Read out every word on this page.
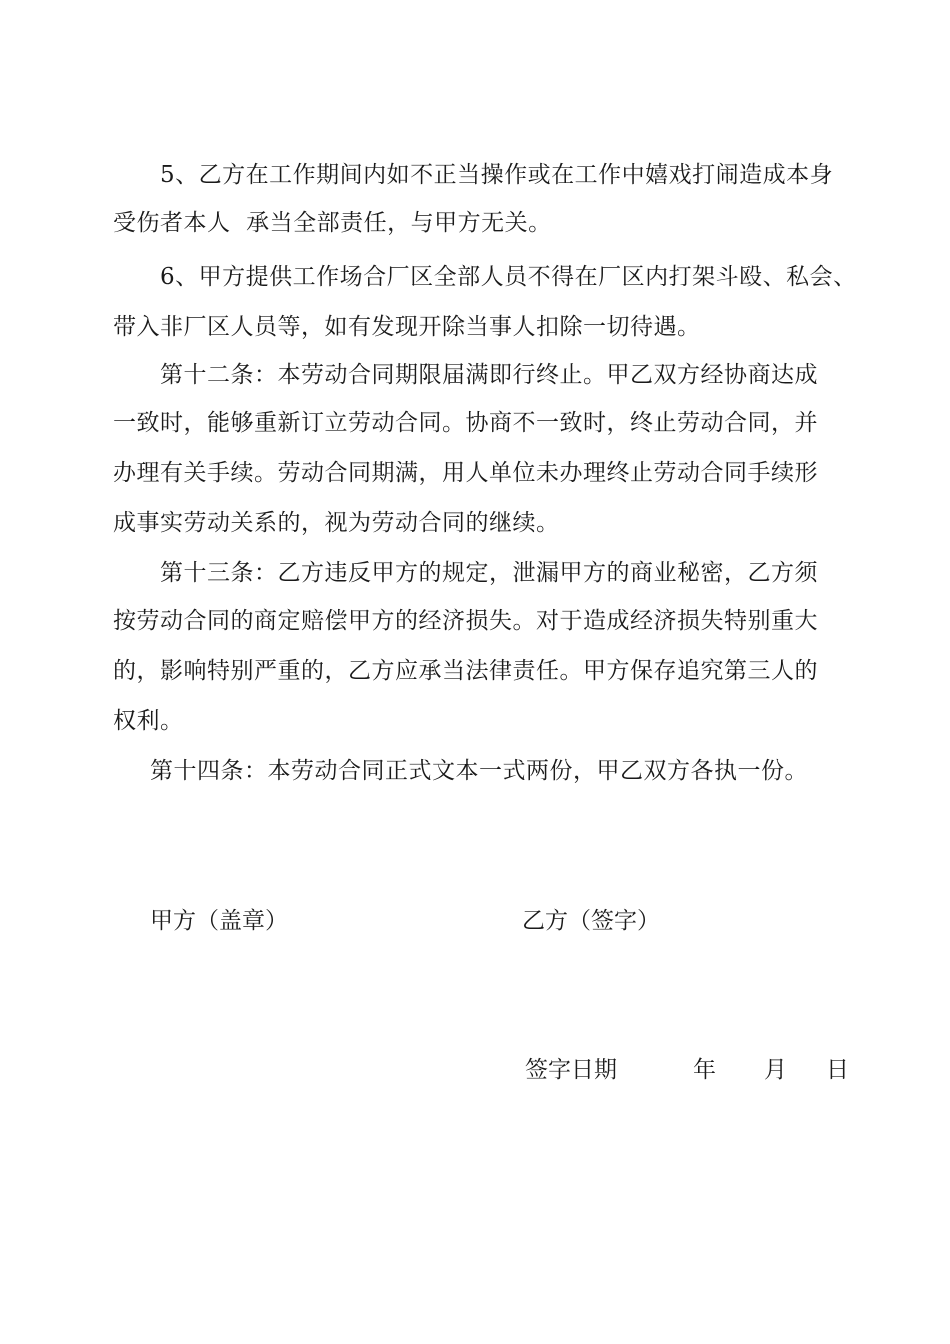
5、乙方在工作期间内如不正当操作或在工作中嬉戏打闹造成本身
受伤者本人  承当全部责任，与甲方无关。
6、甲方提供工作场合厂区全部人员不得在厂区内打架斗殴、私会、
带入非厂区人员等，如有发现开除当事人扣除一切待遇。
第十二条：本劳动合同期限届满即行终止。甲乙双方经协商达成
一致时，能够重新订立劳动合同。协商不一致时，终止劳动合同，并
办理有关手续。劳动合同期满，用人单位未办理终止劳动合同手续形
成事实劳动关系的，视为劳动合同的继续。
第十三条：乙方违反甲方的规定，泄漏甲方的商业秘密，乙方须
按劳动合同的商定赔偿甲方的经济损失。对于造成经济损失特别重大
的，影响特别严重的，乙方应承当法律责任。甲方保存追究第三人的
权利。
第十四条：本劳动合同正式文本一式两份，甲乙双方各执一份。
甲方（盖章）	乙方（签字）
签字日期	年 月 日
